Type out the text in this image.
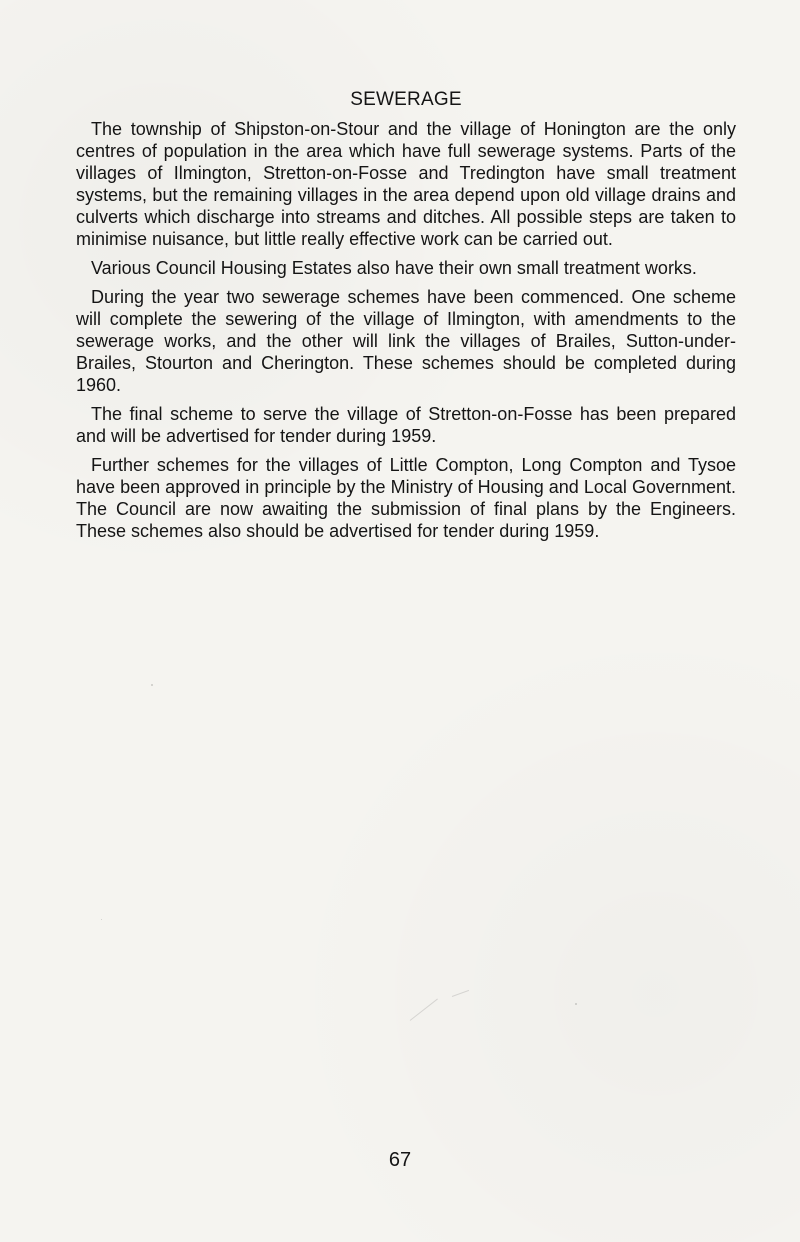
SEWERAGE

The township of Shipston-on-Stour and the village of Honington are the only centres of population in the area which have full sewerage systems. Parts of the villages of Ilmington, Stretton-on-Fosse and Tredington have small treatment systems, but the remaining villages in the area depend upon old village drains and culverts which discharge into streams and ditches. All possible steps are taken to minimise nuisance, but little really effective work can be carried out.

Various Council Housing Estates also have their own small treatment works.

During the year two sewerage schemes have been commenced. One scheme will complete the sewering of the village of Ilmington, with amendments to the sewerage works, and the other will link the villages of Brailes, Sutton-under-Brailes, Stourton and Cherington. These schemes should be completed during 1960.

The final scheme to serve the village of Stretton-on-Fosse has been prepared and will be advertised for tender during 1959.

Further schemes for the villages of Little Compton, Long Compton and Tysoe have been approved in principle by the Ministry of Housing and Local Government. The Council are now awaiting the submission of final plans by the Engineers. These schemes also should be advertised for tender during 1959.

67
